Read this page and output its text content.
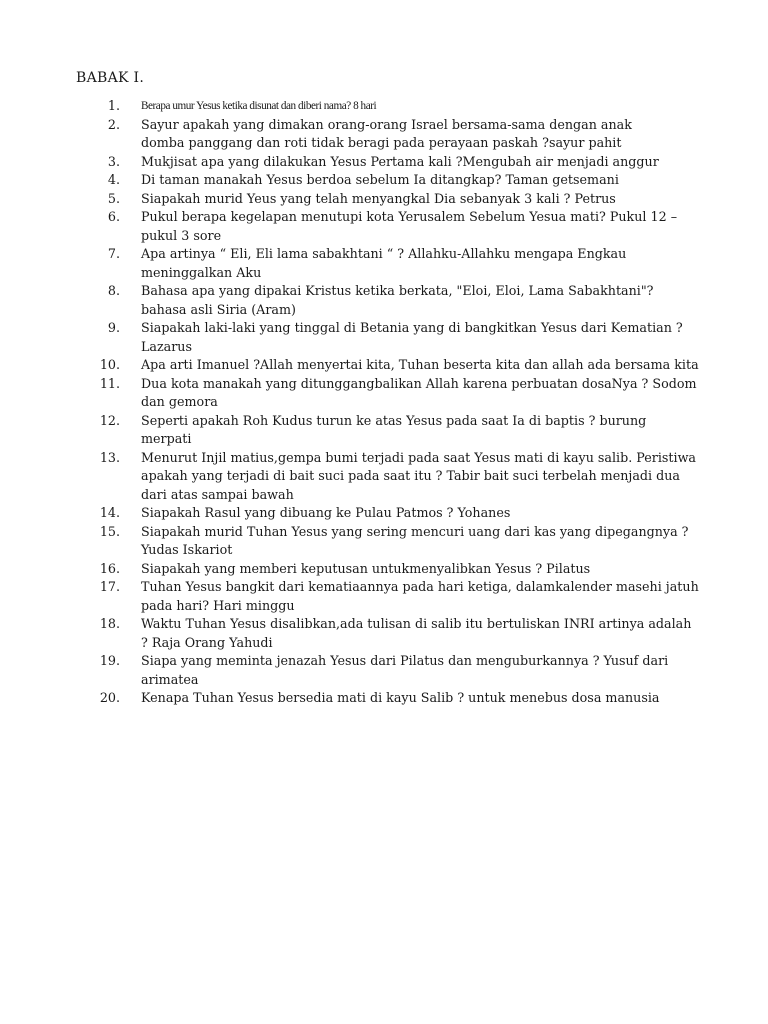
BABAK I.
1. Berapa umur Yesus ketika disunat dan diberi nama? 8 hari
2. Sayur apakah yang dimakan orang-orang Israel bersama-sama dengan anak domba panggang dan roti tidak beragi pada perayaan paskah ?sayur pahit
3. Mukjisat apa yang dilakukan Yesus Pertama kali ?Mengubah air menjadi anggur
4. Di taman manakah Yesus berdoa sebelum Ia ditangkap? Taman getsemani
5. Siapakah murid Yeus yang telah menyangkal Dia sebanyak 3 kali ? Petrus
6. Pukul berapa kegelapan menutupi kota Yerusalem Sebelum Yesua mati? Pukul 12 – pukul 3 sore
7. Apa artinya “ Eli, Eli lama sabakhtani “ ? Allahku-Allahku mengapa Engkau meninggalkan Aku
8. Bahasa apa yang dipakai Kristus ketika berkata, "Eloi, Eloi, Lama Sabakhtani"? bahasa asli Siria (Aram)
9. Siapakah laki-laki yang tinggal di Betania yang di bangkitkan Yesus dari Kematian ? Lazarus
10. Apa arti Imanuel ?Allah menyertai kita, Tuhan beserta kita dan allah ada bersama kita
11. Dua kota manakah yang ditunggangbalikan Allah karena perbuatan dosaNya ? Sodom dan gemora
12. Seperti apakah Roh Kudus turun ke atas Yesus pada saat Ia di baptis ? burung merpati
13. Menurut Injil matius,gempa bumi terjadi pada saat Yesus mati di kayu salib. Peristiwa apakah yang terjadi di bait suci pada saat itu ? Tabir bait suci terbelah menjadi dua dari atas sampai bawah
14. Siapakah Rasul yang dibuang ke Pulau Patmos ? Yohanes
15. Siapakah murid Tuhan Yesus yang sering mencuri uang dari kas yang dipegangnya ? Yudas Iskariot
16. Siapakah yang memberi keputusan untukmenyalibkan Yesus ? Pilatus
17. Tuhan Yesus bangkit dari kematiaannya pada hari ketiga, dalamkalender masehi jatuh pada hari? Hari minggu
18. Waktu Tuhan Yesus disalibkan,ada tulisan di salib itu bertuliskan INRI artinya adalah ? Raja Orang Yahudi
19. Siapa yang meminta jenazah Yesus dari Pilatus dan menguburkannya ? Yusuf dari arimatea
20. Kenapa Tuhan Yesus bersedia mati di kayu Salib ? untuk menebus dosa manusia
